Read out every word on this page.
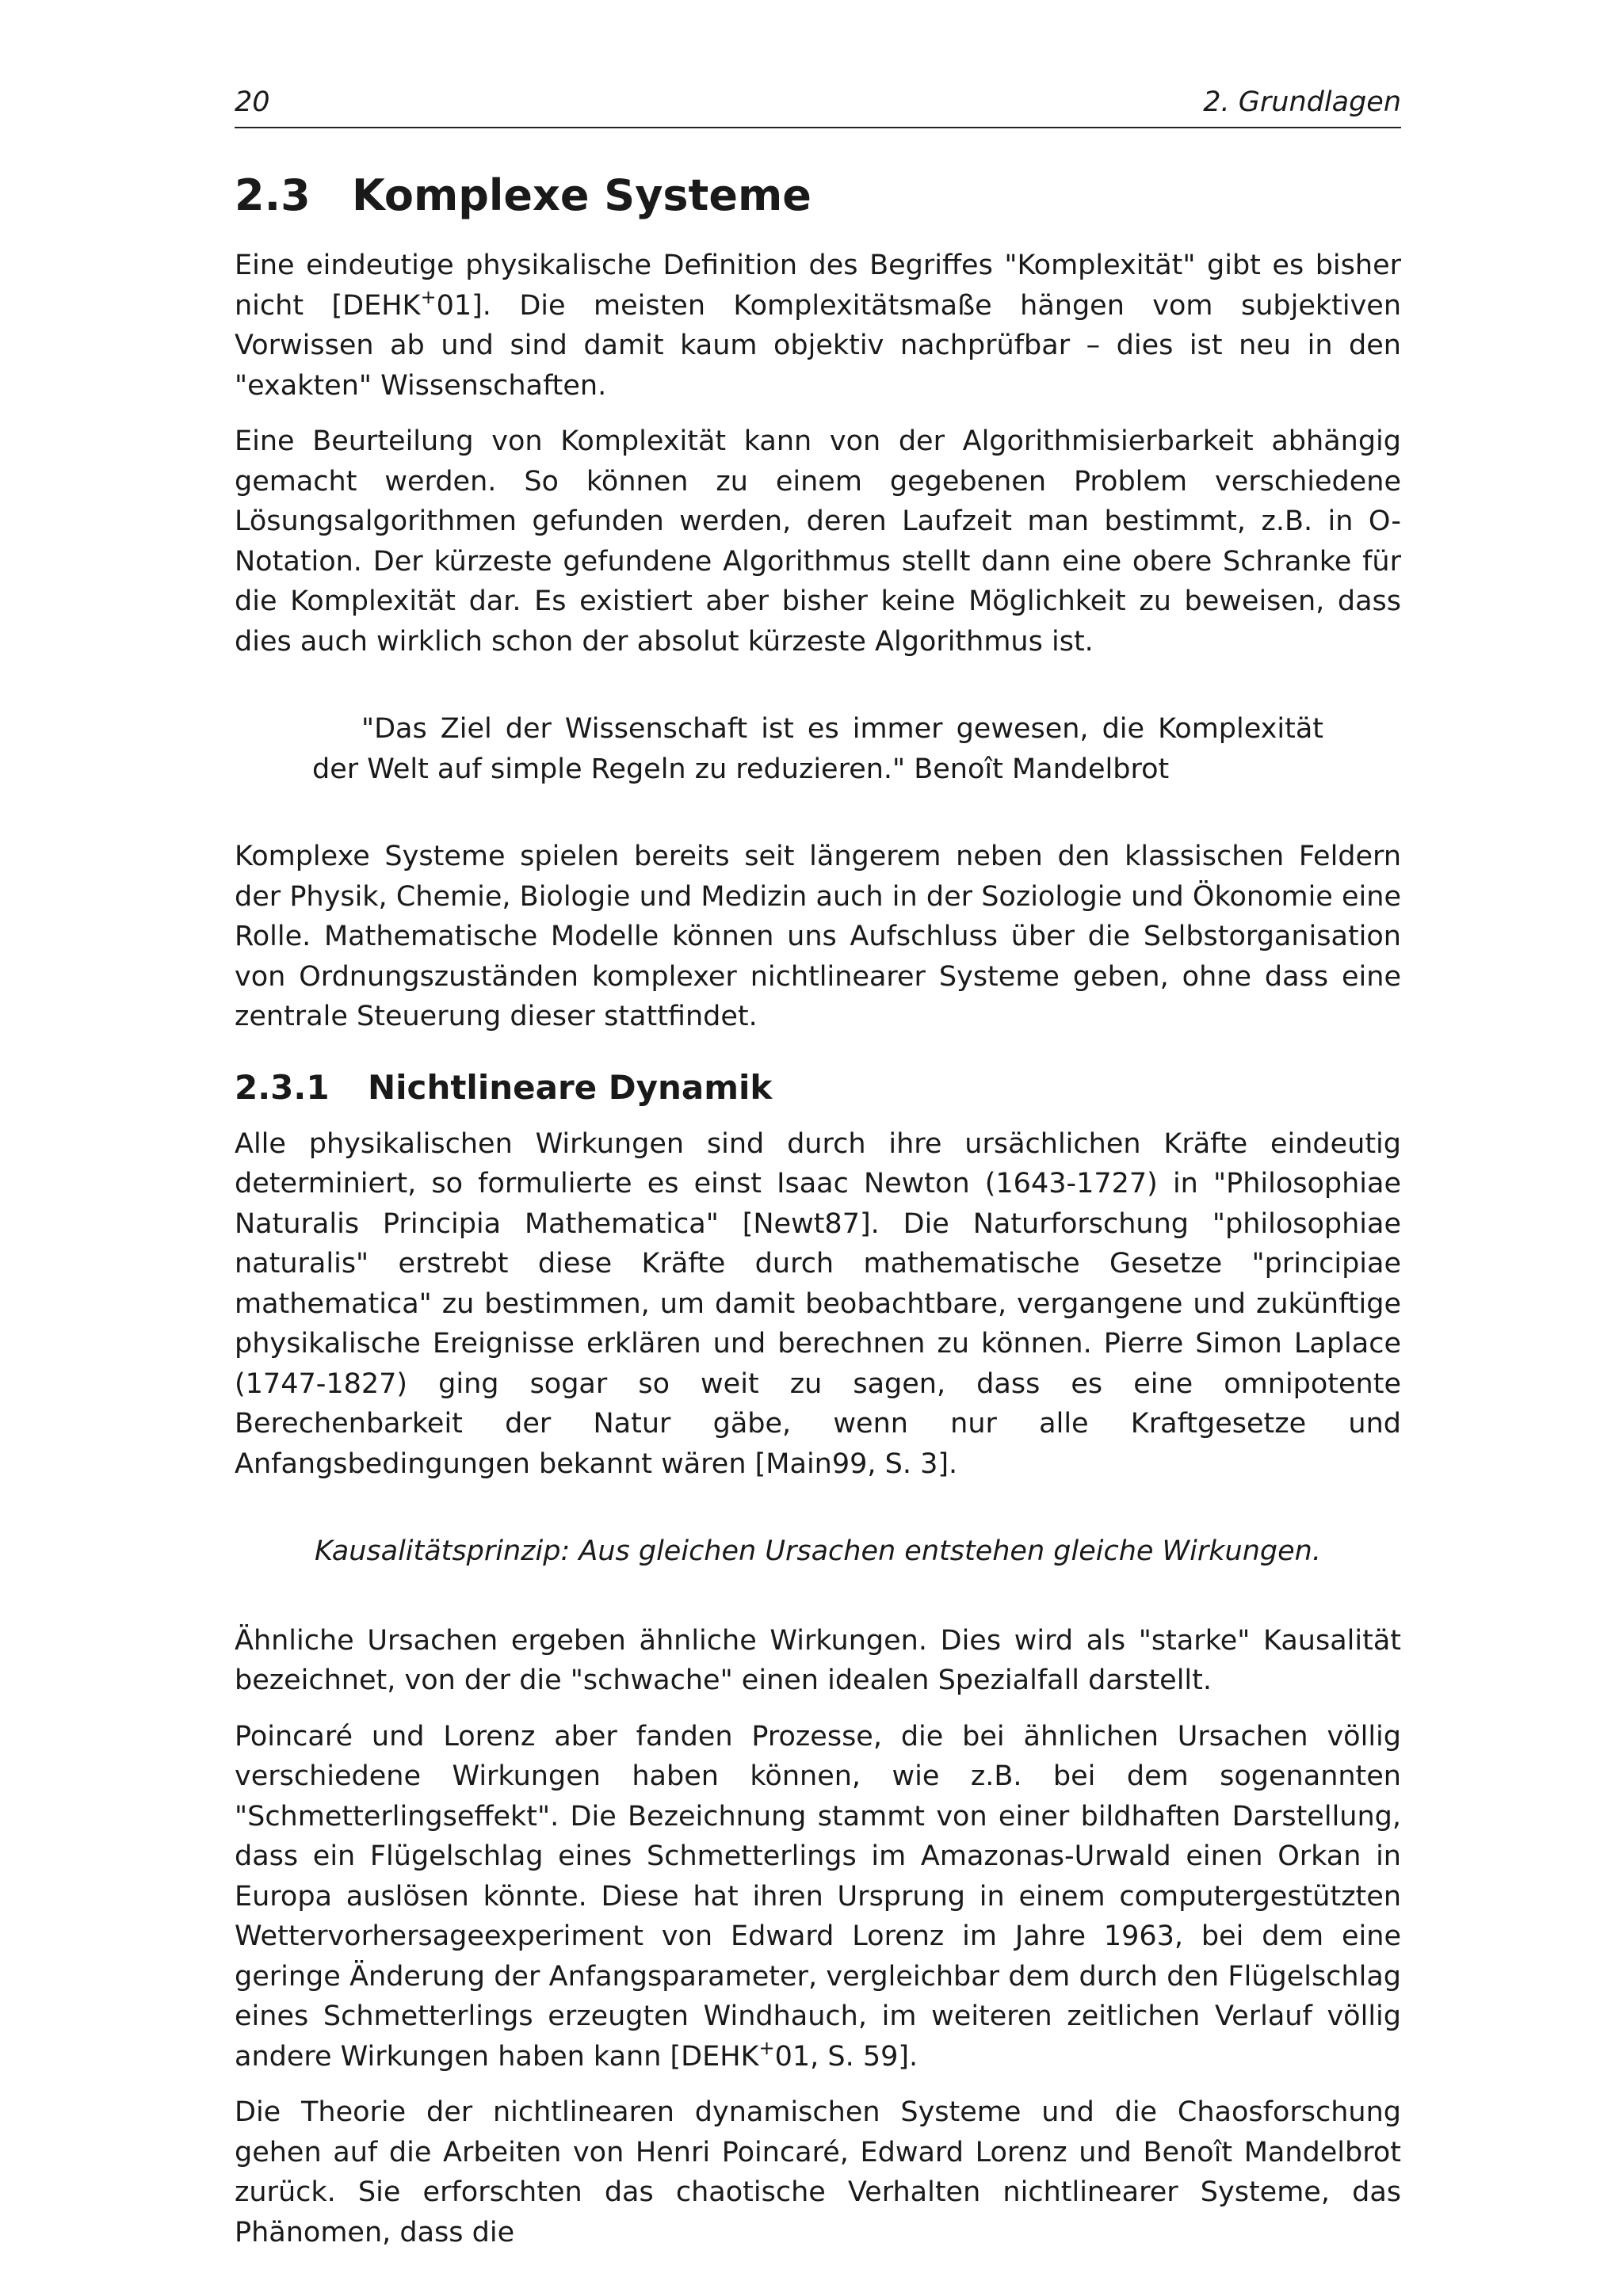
20	2. Grundlagen
2.3 Komplexe Systeme

Eine eindeutige physikalische Definition des Begriffes "Komplexität" gibt es bisher nicht [DEHK+01]. Die meisten Komplexitätsmaße hängen vom subjektiven Vorwissen ab und sind damit kaum objektiv nachprüfbar – dies ist neu in den "exakten" Wissenschaften.

Eine Beurteilung von Komplexität kann von der Algorithmisierbarkeit abhängig gemacht werden. So können zu einem gegebenen Problem verschiedene Lösungsalgorithmen gefunden werden, deren Laufzeit man bestimmt, z.B. in O-Notation. Der kürzeste gefundene Algorithmus stellt dann eine obere Schranke für die Komplexität dar. Es existiert aber bisher keine Möglichkeit zu beweisen, dass dies auch wirklich schon der absolut kürzeste Algorithmus ist.

"Das Ziel der Wissenschaft ist es immer gewesen, die Komplexität der Welt auf simple Regeln zu reduzieren." Benoît Mandelbrot

Komplexe Systeme spielen bereits seit längerem neben den klassischen Feldern der Physik, Chemie, Biologie und Medizin auch in der Soziologie und Ökonomie eine Rolle. Mathematische Modelle können uns Aufschluss über die Selbstorganisation von Ordnungszuständen komplexer nichtlinearer Systeme geben, ohne dass eine zentrale Steuerung dieser stattfindet.

2.3.1 Nichtlineare Dynamik

Alle physikalischen Wirkungen sind durch ihre ursächlichen Kräfte eindeutig determiniert, so formulierte es einst Isaac Newton (1643-1727) in "Philosophiae Naturalis Principia Mathematica" [Newt87]. Die Naturforschung "philosophiae naturalis" erstrebt diese Kräfte durch mathematische Gesetze "principiae mathematica" zu bestimmen, um damit beobachtbare, vergangene und zukünftige physikalische Ereignisse erklären und berechnen zu können. Pierre Simon Laplace (1747-1827) ging sogar so weit zu sagen, dass es eine omnipotente Berechenbarkeit der Natur gäbe, wenn nur alle Kraftgesetze und Anfangsbedingungen bekannt wären [Main99, S. 3].

Kausalitätsprinzip: Aus gleichen Ursachen entstehen gleiche Wirkungen.

Ähnliche Ursachen ergeben ähnliche Wirkungen. Dies wird als "starke" Kausalität bezeichnet, von der die "schwache" einen idealen Spezialfall darstellt.

Poincaré und Lorenz aber fanden Prozesse, die bei ähnlichen Ursachen völlig verschiedene Wirkungen haben können, wie z.B. bei dem sogenannten "Schmetterlingseffekt". Die Bezeichnung stammt von einer bildhaften Darstellung, dass ein Flügelschlag eines Schmetterlings im Amazonas-Urwald einen Orkan in Europa auslösen könnte. Diese hat ihren Ursprung in einem computergestützten Wettervorhersageexperiment von Edward Lorenz im Jahre 1963, bei dem eine geringe Änderung der Anfangsparameter, vergleichbar dem durch den Flügelschlag eines Schmetterlings erzeugten Windhauch, im weiteren zeitlichen Verlauf völlig andere Wirkungen haben kann [DEHK+01, S. 59].

Die Theorie der nichtlinearen dynamischen Systeme und die Chaosforschung gehen auf die Arbeiten von Henri Poincaré, Edward Lorenz und Benoît Mandelbrot zurück. Sie erforschten das chaotische Verhalten nichtlinearer Systeme, das Phänomen, dass die
